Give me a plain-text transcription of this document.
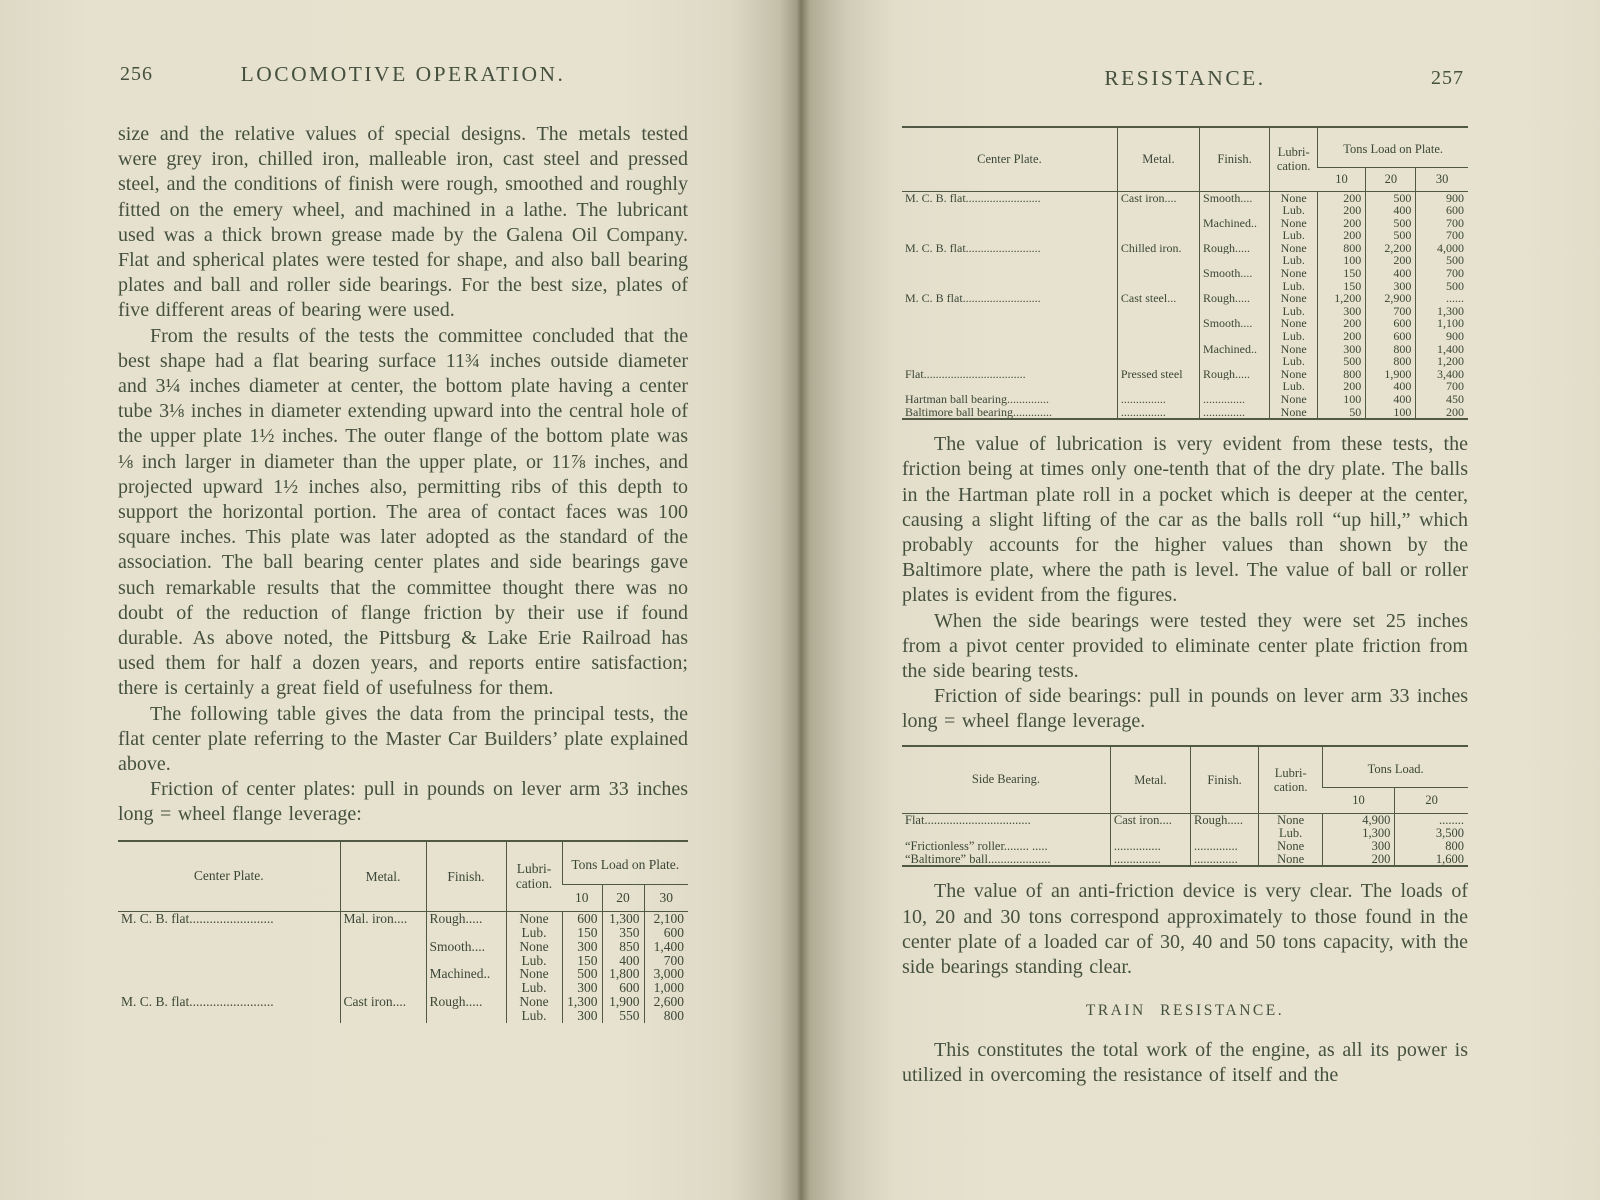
256	LOCOMOTIVE OPERATION.

size and the relative values of special designs. The metals tested were grey iron, chilled iron, malleable iron, cast steel and pressed steel, and the conditions of finish were rough, smoothed and roughly fitted on the emery wheel, and machined in a lathe. The lubricant used was a thick brown grease made by the Galena Oil Company. Flat and spherical plates were tested for shape, and also ball bearing plates and ball and roller side bearings. For the best size, plates of five different areas of bearing were used.

From the results of the tests the committee concluded that the best shape had a flat bearing surface 11¾ inches outside diameter and 3¼ inches diameter at center, the bottom plate having a center tube 3⅛ inches in diameter extending upward into the central hole of the upper plate 1½ inches. The outer flange of the bottom plate was ⅛ inch larger in diameter than the upper plate, or 11⅞ inches, and projected upward 1½ inches also, permitting ribs of this depth to support the horizontal portion. The area of contact faces was 100 square inches. This plate was later adopted as the standard of the association. The ball bearing center plates and side bearings gave such remarkable results that the committee thought there was no doubt of the reduction of flange friction by their use if found durable. As above noted, the Pittsburg & Lake Erie Railroad has used them for half a dozen years, and reports entire satisfaction; there is certainly a great field of usefulness for them.

The following table gives the data from the principal tests, the flat center plate referring to the Master Car Builders’ plate explained above.

Friction of center plates: pull in pounds on lever arm 33 inches long = wheel flange leverage:

Center Plate.	Metal.	Finish.	Lubri-​cation.	Tons Load on Plate.		
				10	20	30
M. C. B. flat.........................	Mal. iron....	Rough.....	None	600	1,300	2,100
			Lub.	150	350	600
		Smooth....	None	300	850	1,400
			Lub.	150	400	700
		Machined..	None	500	1,800	3,000
			Lub.	300	600	1,000
M. C. B. flat.........................	Cast iron....	Rough.....	None	1,300	1,900	2,600
			Lub.	300	550	800
RESISTANCE.	257
Center Plate.	Metal.	Finish.	Lubri-​cation.	Tons Load on Plate.		
				10	20	30
M. C. B. flat.........................	Cast iron....	Smooth....	None	200	500	900
			Lub.	200	400	600
		Machined..	None	200	500	700
			Lub.	200	500	700
M. C. B. flat.........................	Chilled iron.	Rough.....	None	800	2,200	4,000
			Lub.	100	200	500
		Smooth....	None	150	400	700
			Lub.	150	300	500
M. C. B flat..........................	Cast steel...	Rough.....	None	1,200	2,900	......
			Lub.	300	700	1,300
		Smooth....	None	200	600	1,100
			Lub.	200	600	900
		Machined..	None	300	800	1,400
			Lub.	500	800	1,200
Flat..................................	Pressed steel	Rough.....	None	800	1,900	3,400
			Lub.	200	400	700
Hartman ball bearing..............	...............	..............	None	100	400	450
Baltimore ball bearing.............	...............	..............	None	50	100	200

The value of lubrication is very evident from these tests, the friction being at times only one-tenth that of the dry plate. The balls in the Hartman plate roll in a pocket which is deeper at the center, causing a slight lifting of the car as the balls roll “up hill,” which probably accounts for the higher values than shown by the Baltimore plate, where the path is level. The value of ball or roller plates is evident from the figures.

When the side bearings were tested they were set 25 inches from a pivot center provided to eliminate center plate friction from the side bearing tests.

Friction of side bearings: pull in pounds on lever arm 33 inches long = wheel flange leverage.

Side Bearing.	Metal.	Finish.	Lubri-​cation.	Tons Load.	
				10	20
Flat..................................	Cast iron....	Rough.....	None	4,900	........
			Lub.	1,300	3,500
“Frictionless” roller........ .....	...............	..............	None	300	800
“Baltimore” ball....................	...............	..............	None	200	1,600

The value of an anti-friction device is very clear. The loads of 10, 20 and 30 tons correspond approximately to those found in the center plate of a loaded car of 30, 40 and 50 tons capacity, with the side bearings standing clear.

TRAIN RESISTANCE.

This constitutes the total work of the engine, as all its power is utilized in overcoming the resistance of itself and the
